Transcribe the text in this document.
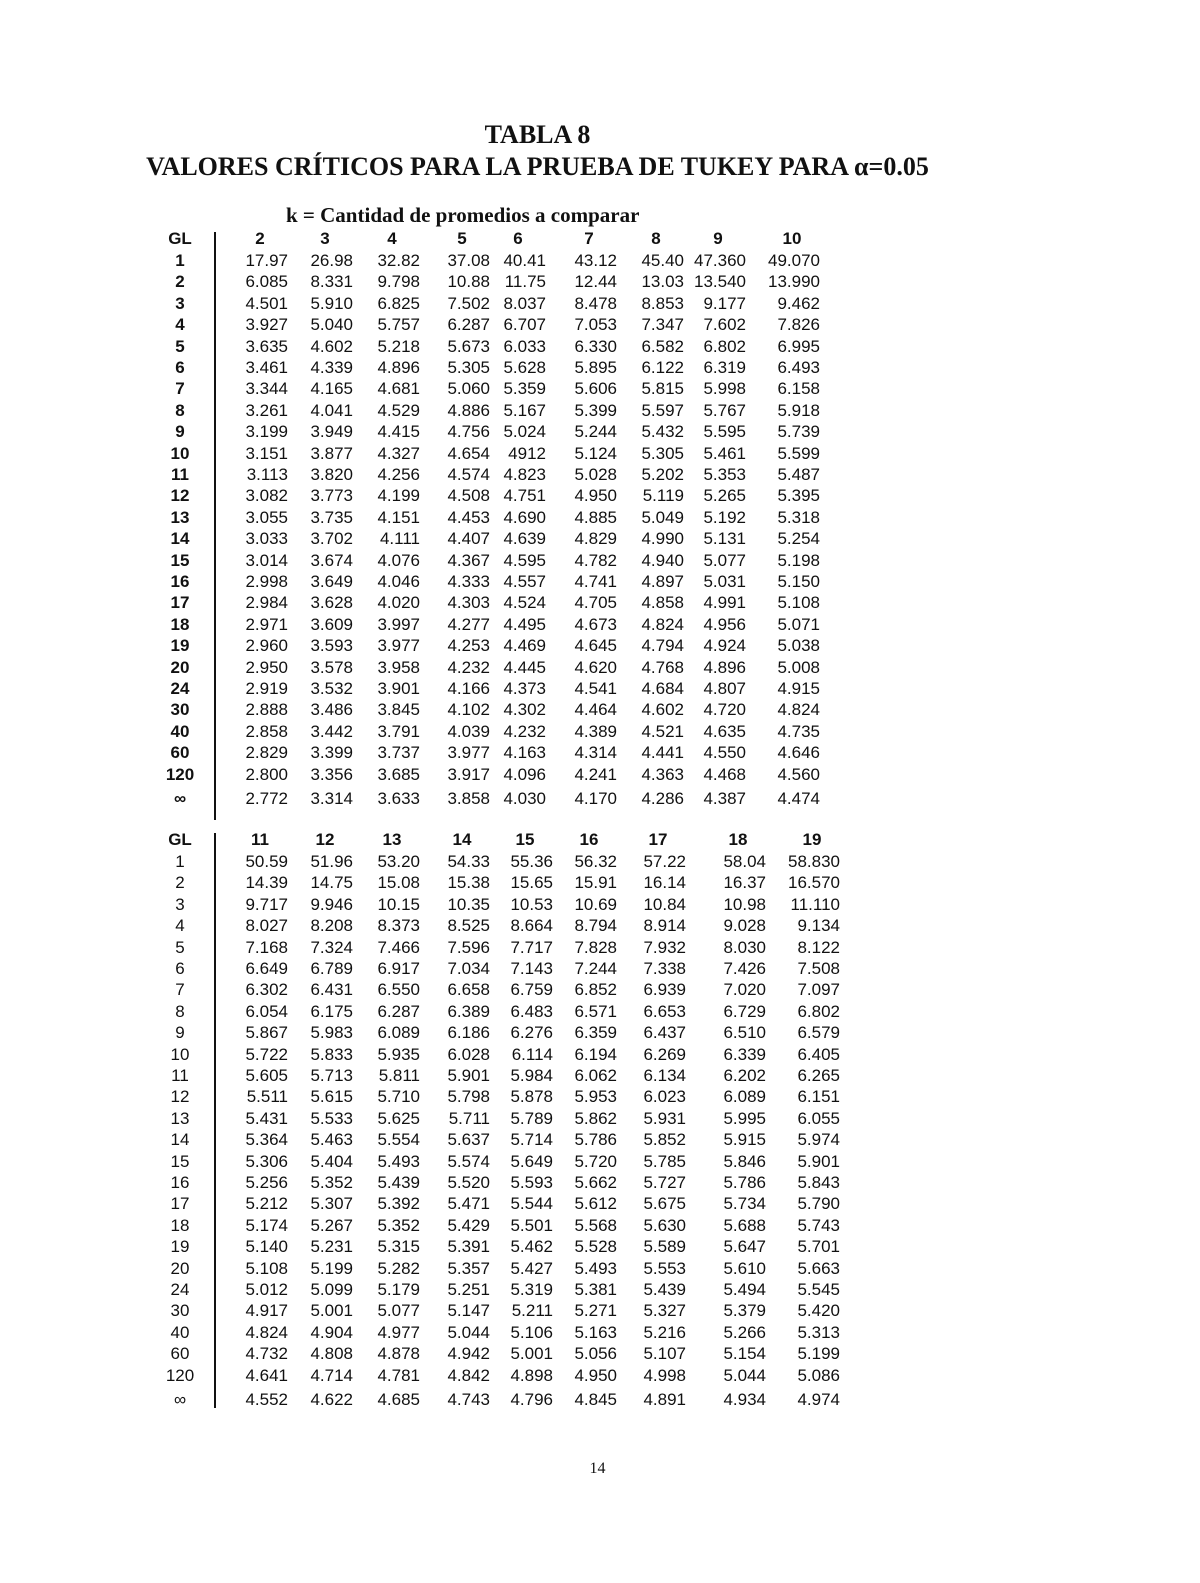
TABLA 8
VALORES CRÍTICOS PARA LA PRUEBA DE TUKEY PARA α=0.05
k = Cantidad de promedios a comparar
GL	2	3	4	5	6	7	8	9	10
1	17.97	26.98	32.82	37.08 40.41	43.12	45.40 47.360	49.070
2	6.085	8.331	9.798	10.88 11.75	12.44	13.03 13.540	13.990
3	4.501	5.910	6.825	7.502 8.037	8.478	8.853	9.177	9.462
4	3.927	5.040	5.757	6.287 6.707	7.053	7.347	7.602	7.826
5	3.635	4.602	5.218	5.673 6.033	6.330	6.582	6.802	6.995
6	3.461	4.339	4.896	5.305 5.628	5.895	6.122	6.319	6.493
7	3.344	4.165	4.681	5.060 5.359	5.606	5.815	5.998	6.158
8	3.261	4.041	4.529	4.886 5.167	5.399	5.597	5.767	5.918
9	3.199	3.949	4.415	4.756 5.024	5.244	5.432	5.595	5.739
10	3.151	3.877	4.327	4.654	4912	5.124	5.305	5.461	5.599
11	3.113	3.820	4.256	4.574 4.823	5.028	5.202	5.353	5.487
12	3.082	3.773	4.199	4.508 4.751	4.950	5.119	5.265	5.395
13	3.055	3.735	4.151	4.453 4.690	4.885	5.049	5.192	5.318
14	3.033	3.702	4.111	4.407 4.639	4.829	4.990	5.131	5.254
15	3.014	3.674	4.076	4.367 4.595	4.782	4.940	5.077	5.198
16	2.998	3.649	4.046	4.333 4.557	4.741	4.897	5.031	5.150
17	2.984	3.628	4.020	4.303 4.524	4.705	4.858	4.991	5.108
18	2.971	3.609	3.997	4.277 4.495	4.673	4.824	4.956	5.071
19	2.960	3.593	3.977	4.253 4.469	4.645	4.794	4.924	5.038
20	2.950	3.578	3.958	4.232 4.445	4.620	4.768	4.896	5.008
24	2.919	3.532	3.901	4.166 4.373	4.541	4.684	4.807	4.915
30	2.888	3.486	3.845	4.102 4.302	4.464	4.602	4.720	4.824
40	2.858	3.442	3.791	4.039 4.232	4.389	4.521	4.635	4.735
60	2.829	3.399	3.737	3.977 4.163	4.314	4.441	4.550	4.646
120	2.800	3.356	3.685	3.917 4.096	4.241	4.363	4.468	4.560
∞	2.772	3.314	3.633	3.858 4.030	4.170	4.286	4.387	4.474
GL	11	12	13	14	15	16	17	18	19
1	50.59	51.96	53.20	54.33	55.36	56.32	57.22	58.04	58.830
2	14.39	14.75	15.08	15.38	15.65	15.91	16.14	16.37	16.570
3	9.717	9.946	10.15	10.35	10.53	10.69	10.84	10.98	11.110
4	8.027	8.208	8.373	8.525	8.664	8.794	8.914	9.028	9.134
5	7.168	7.324	7.466	7.596	7.717	7.828	7.932	8.030	8.122
6	6.649	6.789	6.917	7.034	7.143	7.244	7.338	7.426	7.508
7	6.302	6.431	6.550	6.658	6.759	6.852	6.939	7.020	7.097
8	6.054	6.175	6.287	6.389	6.483	6.571	6.653	6.729	6.802
9	5.867	5.983	6.089	6.186	6.276	6.359	6.437	6.510	6.579
10	5.722	5.833	5.935	6.028	6.114	6.194	6.269	6.339	6.405
11	5.605	5.713	5.811	5.901	5.984	6.062	6.134	6.202	6.265
12	5.511	5.615	5.710	5.798	5.878	5.953	6.023	6.089	6.151
13	5.431	5.533	5.625	5.711	5.789	5.862	5.931	5.995	6.055
14	5.364	5.463	5.554	5.637	5.714	5.786	5.852	5.915	5.974
15	5.306	5.404	5.493	5.574	5.649	5.720	5.785	5.846	5.901
16	5.256	5.352	5.439	5.520	5.593	5.662	5.727	5.786	5.843
17	5.212	5.307	5.392	5.471	5.544	5.612	5.675	5.734	5.790
18	5.174	5.267	5.352	5.429	5.501	5.568	5.630	5.688	5.743
19	5.140	5.231	5.315	5.391	5.462	5.528	5.589	5.647	5.701
20	5.108	5.199	5.282	5.357	5.427	5.493	5.553	5.610	5.663
24	5.012	5.099	5.179	5.251	5.319	5.381	5.439	5.494	5.545
30	4.917	5.001	5.077	5.147	5.211	5.271	5.327	5.379	5.420
40	4.824	4.904	4.977	5.044	5.106	5.163	5.216	5.266	5.313
60	4.732	4.808	4.878	4.942	5.001	5.056	5.107	5.154	5.199
120	4.641	4.714	4.781	4.842	4.898	4.950	4.998	5.044	5.086
∞	4.552	4.622	4.685	4.743	4.796	4.845	4.891	4.934	4.974
14
